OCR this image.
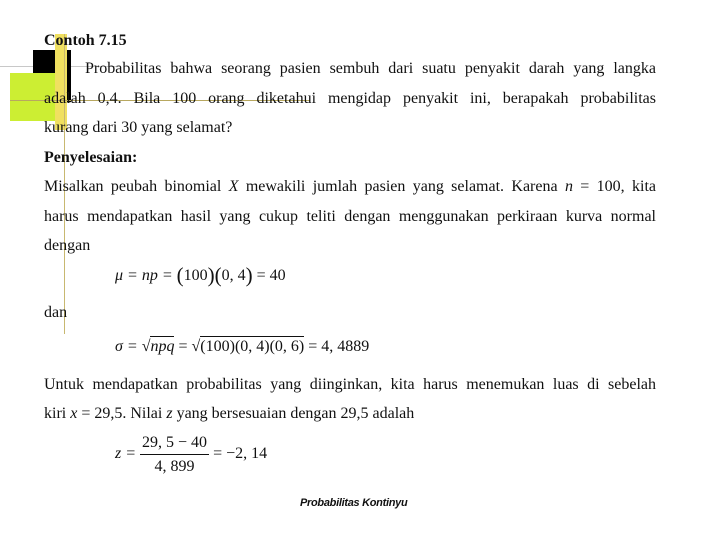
Contoh 7.15
Probabilitas bahwa seorang pasien sembuh dari suatu penyakit darah yang langka
adalah 0,4. Bila 100 orang diketahui mengidap penyakit ini, berapakah probabilitas
kurang dari 30 yang selamat?
Penyelesaian:
Misalkan peubah binomial X mewakili jumlah pasien yang selamat. Karena n = 100, kita
harus mendapatkan hasil yang cukup teliti dengan menggunakan perkiraan kurva normal
dengan
μ = np = (100)(0, 4) = 40
dan
σ = √npq = √(100)(0, 4)(0, 6) = 4, 4889
Untuk mendapatkan probabilitas yang diinginkan, kita harus menemukan luas di sebelah
kiri x = 29,5. Nilai z yang bersesuaian dengan 29,5 adalah
$z = \frac{29, 5 - 40}{4, 899} = -2$, 14
Probabilitas Kontinyu
